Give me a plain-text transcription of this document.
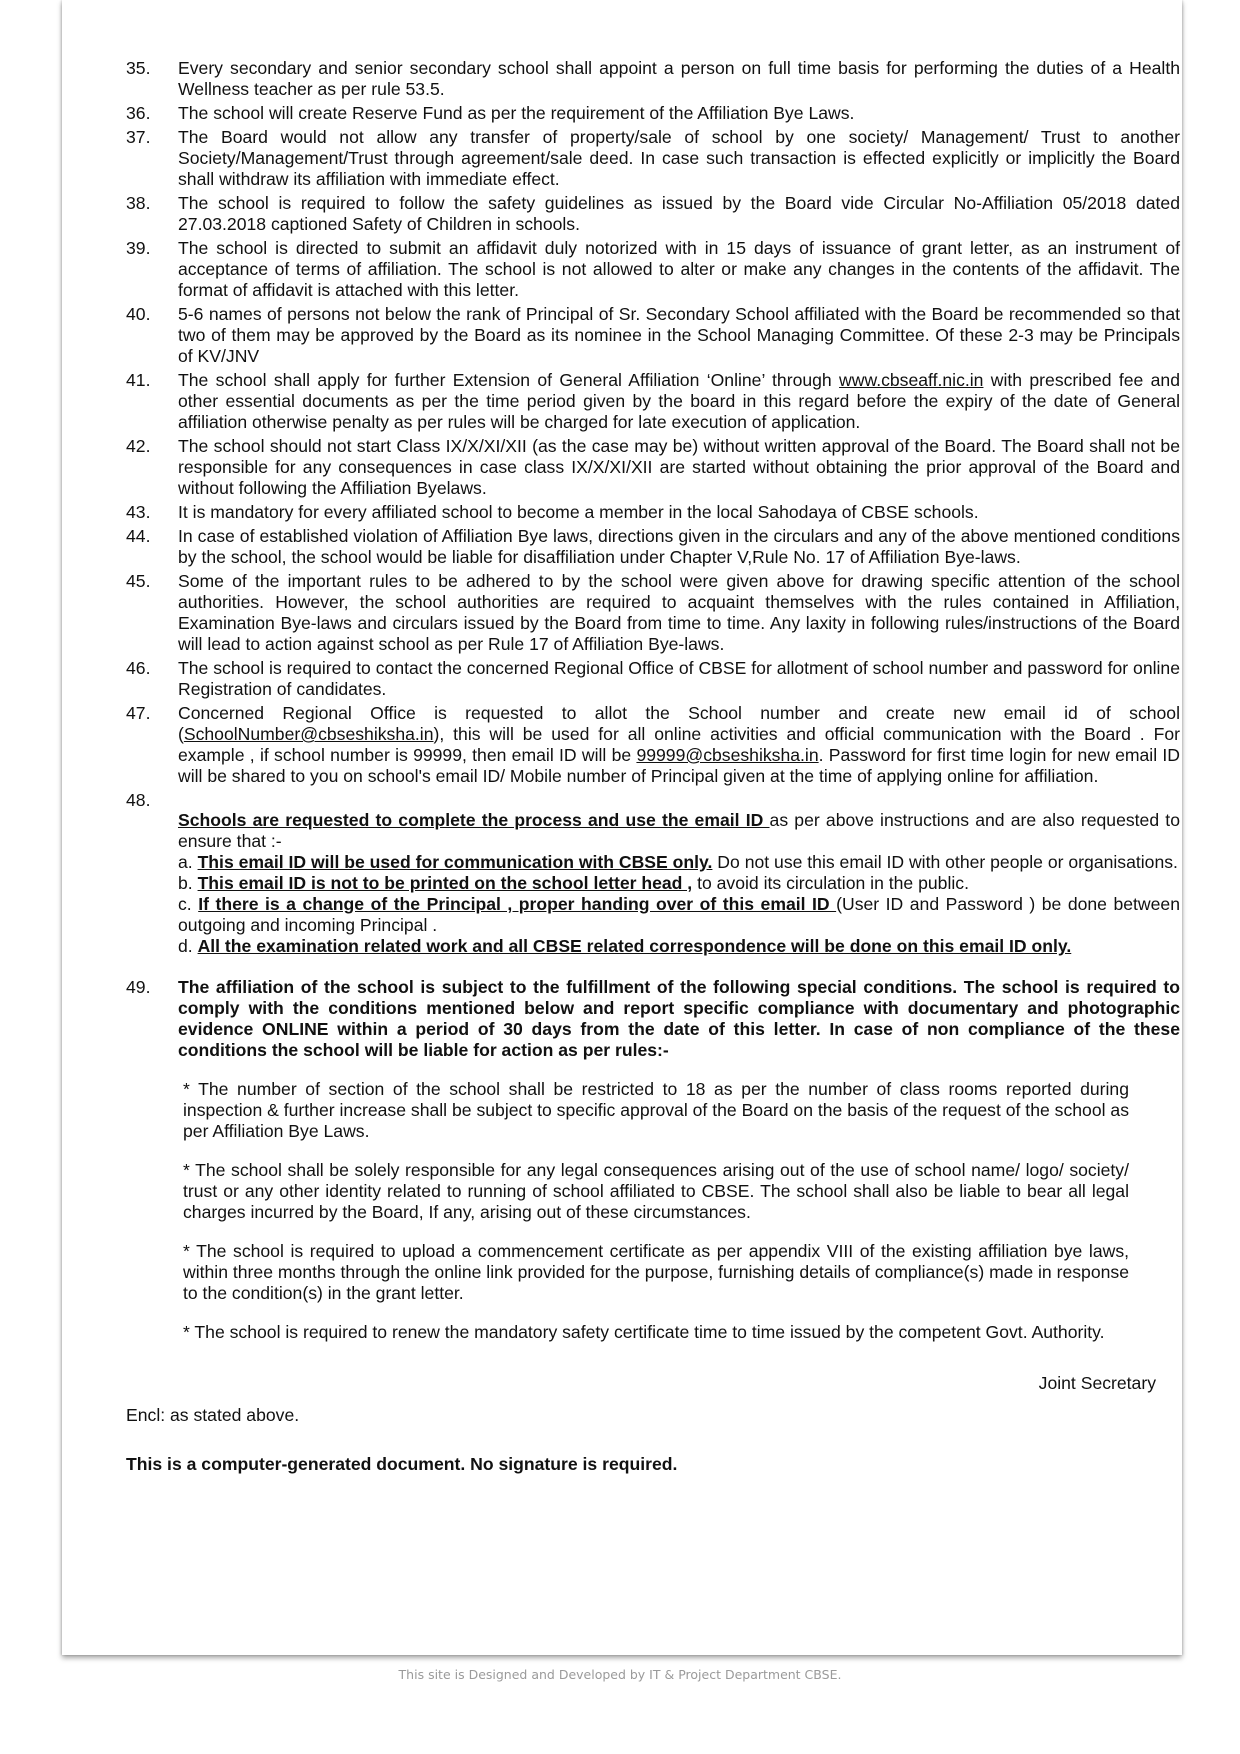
35.	Every secondary and senior secondary school shall appoint a person on full time basis for performing the duties of a Health Wellness teacher as per rule 53.5.
36.	The school will create Reserve Fund as per the requirement of the Affiliation Bye Laws.
37.	The Board would not allow any transfer of property/sale of school by one society/ Management/ Trust to another Society/Management/Trust through agreement/sale deed. In case such transaction is effected explicitly or implicitly the Board shall withdraw its affiliation with immediate effect.
38.	The school is required to follow the safety guidelines as issued by the Board vide Circular No-Affiliation 05/2018 dated 27.03.2018 captioned Safety of Children in schools.
39.	The school is directed to submit an affidavit duly notorized with in 15 days of issuance of grant letter, as an instrument of acceptance of terms of affiliation. The school is not allowed to alter or make any changes in the contents of the affidavit. The format of affidavit is attached with this letter.
40.	5-6 names of persons not below the rank of Principal of Sr. Secondary School affiliated with the Board be recommended so that two of them may be approved by the Board as its nominee in the School Managing Committee. Of these 2-3 may be Principals of KV/JNV
41.	The school shall apply for further Extension of General Affiliation ‘Online’ through www.cbseaff.nic.in with prescribed fee and other essential documents as per the time period given by the board in this regard before the expiry of the date of General affiliation otherwise penalty as per rules will be charged for late execution of application.
42.	The school should not start Class IX/X/XI/XII (as the case may be) without written approval of the Board. The Board shall not be responsible for any consequences in case class IX/X/XI/XII are started without obtaining the prior approval of the Board and without following the Affiliation Byelaws.
43.	It is mandatory for every affiliated school to become a member in the local Sahodaya of CBSE schools.
44.	In case of established violation of Affiliation Bye laws, directions given in the circulars and any of the above mentioned conditions by the school, the school would be liable for disaffiliation under Chapter V,Rule No. 17 of Affiliation Bye-laws.
45.	Some of the important rules to be adhered to by the school were given above for drawing specific attention of the school authorities. However, the school authorities are required to acquaint themselves with the rules contained in Affiliation, Examination Bye-laws and circulars issued by the Board from time to time. Any laxity in following rules/instructions of the Board will lead to action against school as per Rule 17 of Affiliation Bye-laws.
46.	The school is required to contact the concerned Regional Office of CBSE for allotment of school number and password for online Registration of candidates.
47.	Concerned Regional Office is requested to allot the School number and create new email id of school (SchoolNumber@cbseshiksha.in), this will be used for all online activities and official communication with the Board . For example , if school number is 99999, then email ID will be 99999@cbseshiksha.in. Password for first time login for new email ID will be shared to you on school's email ID/ Mobile number of Principal given at the time of applying online for affiliation.
48.
Schools are requested to complete the process and use the email ID as per above instructions and are also requested to ensure that :-
a. This email ID will be used for communication with CBSE only. Do not use this email ID with other people or organisations.
b. This email ID is not to be printed on the school letter head , to avoid its circulation in the public.
c. If there is a change of the Principal , proper handing over of this email ID (User ID and Password ) be done between outgoing and incoming Principal .
d. All the examination related work and all CBSE related correspondence will be done on this email ID only.
49.	The affiliation of the school is subject to the fulfillment of the following special conditions. The school is required to comply with the conditions mentioned below and report specific compliance with documentary and photographic evidence ONLINE within a period of 30 days from the date of this letter. In case of non compliance of the these conditions the school will be liable for action as per rules:-

* The number of section of the school shall be restricted to 18 as per the number of class rooms reported during inspection & further increase shall be subject to specific approval of the Board on the basis of the request of the school as per Affiliation Bye Laws.

* The school shall be solely responsible for any legal consequences arising out of the use of school name/ logo/ society/ trust or any other identity related to running of school affiliated to CBSE. The school shall also be liable to bear all legal charges incurred by the Board, If any, arising out of these circumstances.

* The school is required to upload a commencement certificate as per appendix VIII of the existing affiliation bye laws, within three months through the online link provided for the purpose, furnishing details of compliance(s) made in response to the condition(s) in the grant letter.

* The school is required to renew the mandatory safety certificate time to time issued by the competent Govt. Authority.

Joint Secretary
Encl: as stated above.
This is a computer-generated document. No signature is required.
This site is Designed and Developed by IT & Project Department CBSE.
